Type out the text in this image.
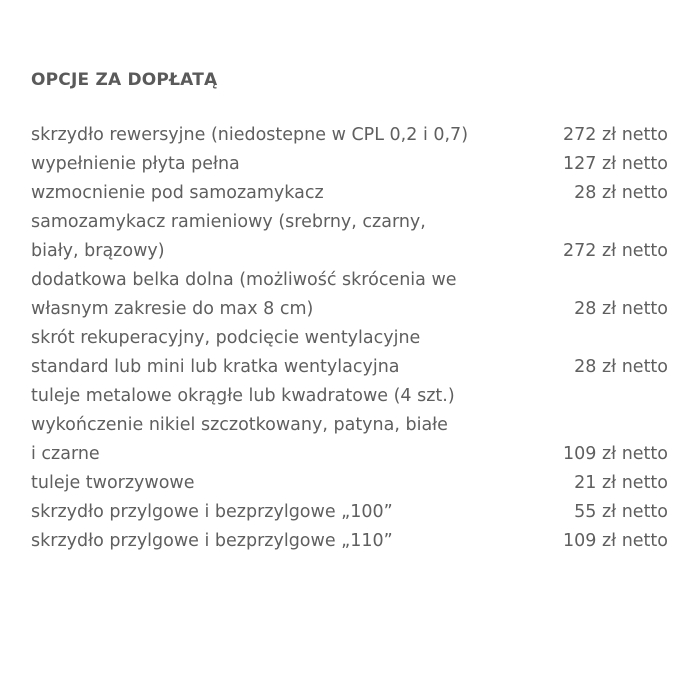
OPCJE ZA DOPŁATĄ
skrzydło rewersyjne (niedostepne w CPL 0,2 i 0,7)	272 zł netto
wypełnienie płyta pełna	127 zł netto
wzmocnienie pod samozamykacz	28 zł netto
samozamykacz ramieniowy (srebrny, czarny,
biały, brązowy)	272 zł netto
dodatkowa belka dolna (możliwość skrócenia we
własnym zakresie do max 8 cm)	28 zł netto
skrót rekuperacyjny, podcięcie wentylacyjne
standard lub mini lub kratka wentylacyjna	28 zł netto
tuleje metalowe okrągłe lub kwadratowe (4 szt.)
wykończenie nikiel szczotkowany, patyna, białe
i czarne	109 zł netto
tuleje tworzywowe	21 zł netto
skrzydło przylgowe i bezprzylgowe „100”	55 zł netto
skrzydło przylgowe i bezprzylgowe „110”	109 zł netto
